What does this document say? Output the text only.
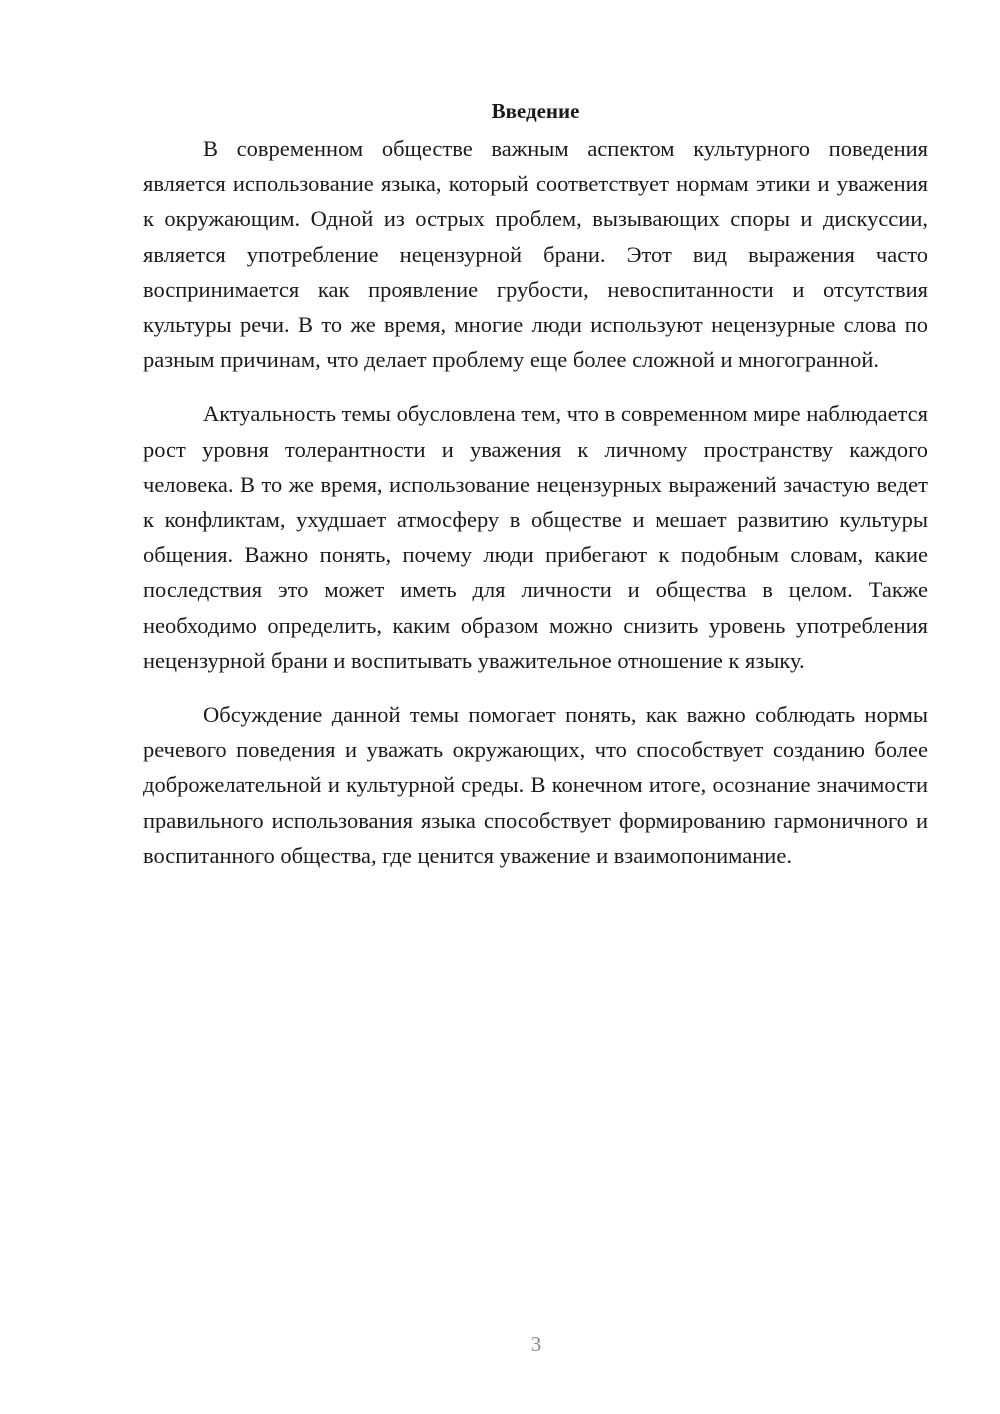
Введение

В современном обществе важным аспектом культурного поведения является использование языка, который соответствует нормам этики и уважения к окружающим. Одной из острых проблем, вызывающих споры и дискуссии, является употребление нецензурной брани. Этот вид выражения часто воспринимается как проявление грубости, невоспитанности и отсутствия культуры речи. В то же время, многие люди используют нецензурные слова по разным причинам, что делает проблему еще более сложной и многогранной.

Актуальность темы обусловлена тем, что в современном мире наблюдается рост уровня толерантности и уважения к личному пространству каждого человека. В то же время, использование нецензурных выражений зачастую ведет к конфликтам, ухудшает атмосферу в обществе и мешает развитию культуры общения. Важно понять, почему люди прибегают к подобным словам, какие последствия это может иметь для личности и общества в целом. Также необходимо определить, каким образом можно снизить уровень употребления нецензурной брани и воспитывать уважительное отношение к языку.

Обсуждение данной темы помогает понять, как важно соблюдать нормы речевого поведения и уважать окружающих, что способствует созданию более доброжелательной и культурной среды. В конечном итоге, осознание значимости правильного использования языка способствует формированию гармоничного и воспитанного общества, где ценится уважение и взаимопонимание.

3
